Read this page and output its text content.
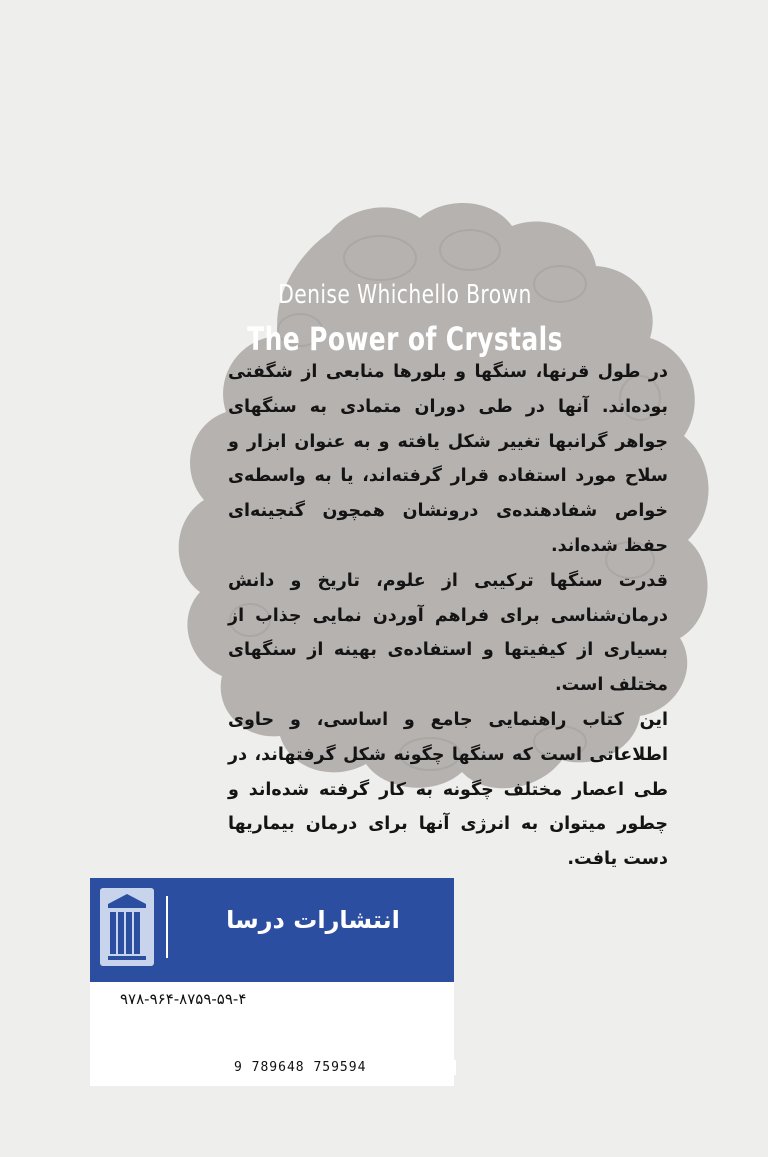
Denise Whichello Brown
The Power of Crystals

در طول قرنها، سنگها و بلورها منابعی از شگفتی بوده‌اند. آنها در طی دوران متمادی به سنگهای جواهر گرانبها تغییر شکل یافته و به عنوان ابزار و سلاح مورد استفاده قرار گرفته‌اند، یا به واسطه‌ی خواص شفادهنده‌ی درونشان همچون گنجینه‌ای حفظ شده‌اند.

قدرت سنگها ترکیبی از علوم، تاریخ و دانش درمان‌شناسی برای فراهم آوردن نمایی جذاب از بسیاری از کیفیتها و استفاده‌ی بهینه از سنگهای مختلف است.

این کتاب راهنمایی جامع و اساسی، و حاوی اطلاعاتی است که سنگها چگونه شکل گرفتهاند، در طی اعصار مختلف چگونه به کار گرفته شده‌اند و چطور میتوان به انرژی آنها برای درمان بیماریها دست یافت.

انتشارات درسا
۹۷۸-۹۶۴-۸۷۵۹-۵۹-۴
9 789648 759594
